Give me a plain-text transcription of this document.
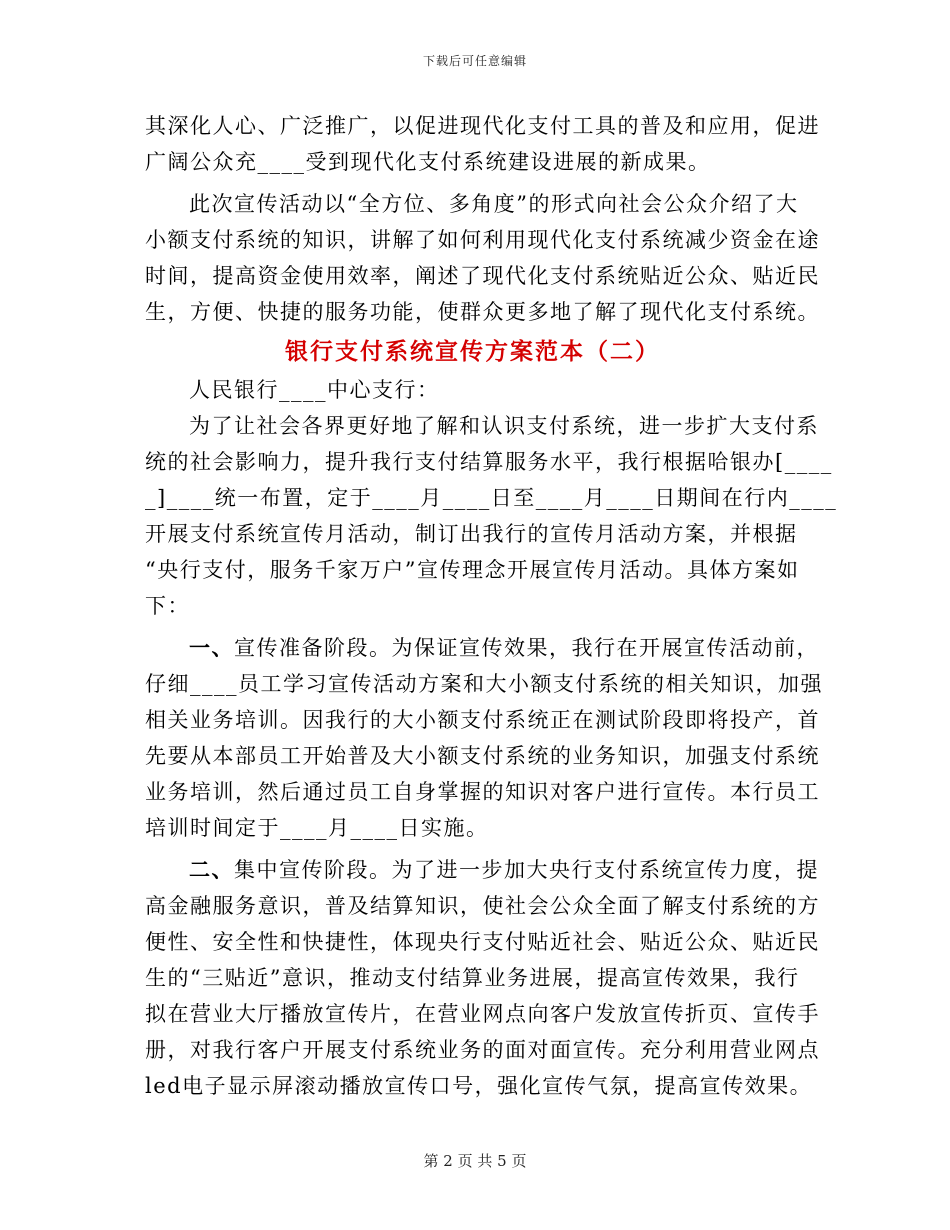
下载后可任意编辑
其深化人心、广泛推广，以促进现代化支付工具的普及和应用，促进
广阔公众充____受到现代化支付系统建设进展的新成果。
此次宣传活动以“全方位、多角度”的形式向社会公众介绍了大
小额支付系统的知识，讲解了如何利用现代化支付系统减少资金在途
时间，提高资金使用效率，阐述了现代化支付系统贴近公众、贴近民
生，方便、快捷的服务功能，使群众更多地了解了现代化支付系统。
银行支付系统宣传方案范本（二）
人民银行____中心支行：
为了让社会各界更好地了解和认识支付系统，进一步扩大支付系
统的社会影响力，提升我行支付结算服务水平，我行根据哈银办[____
_]____统一布置，定于____月____日至____月____日期间在行内____
开展支付系统宣传月活动，制订出我行的宣传月活动方案，并根据
“央行支付，服务千家万户”宣传理念开展宣传月活动。具体方案如
下：
一、宣传准备阶段。为保证宣传效果，我行在开展宣传活动前，
仔细____员工学习宣传活动方案和大小额支付系统的相关知识，加强
相关业务培训。因我行的大小额支付系统正在测试阶段即将投产，首
先要从本部员工开始普及大小额支付系统的业务知识，加强支付系统
业务培训，然后通过员工自身掌握的知识对客户进行宣传。本行员工
培训时间定于____月____日实施。
二、集中宣传阶段。为了进一步加大央行支付系统宣传力度，提
高金融服务意识，普及结算知识，使社会公众全面了解支付系统的方
便性、安全性和快捷性，体现央行支付贴近社会、贴近公众、贴近民
生的“三贴近”意识，推动支付结算业务进展，提高宣传效果，我行
拟在营业大厅播放宣传片，在营业网点向客户发放宣传折页、宣传手
册，对我行客户开展支付系统业务的面对面宣传。充分利用营业网点
led电子显示屏滚动播放宣传口号，强化宣传气氛，提高宣传效果。
第 2 页 共 5 页
